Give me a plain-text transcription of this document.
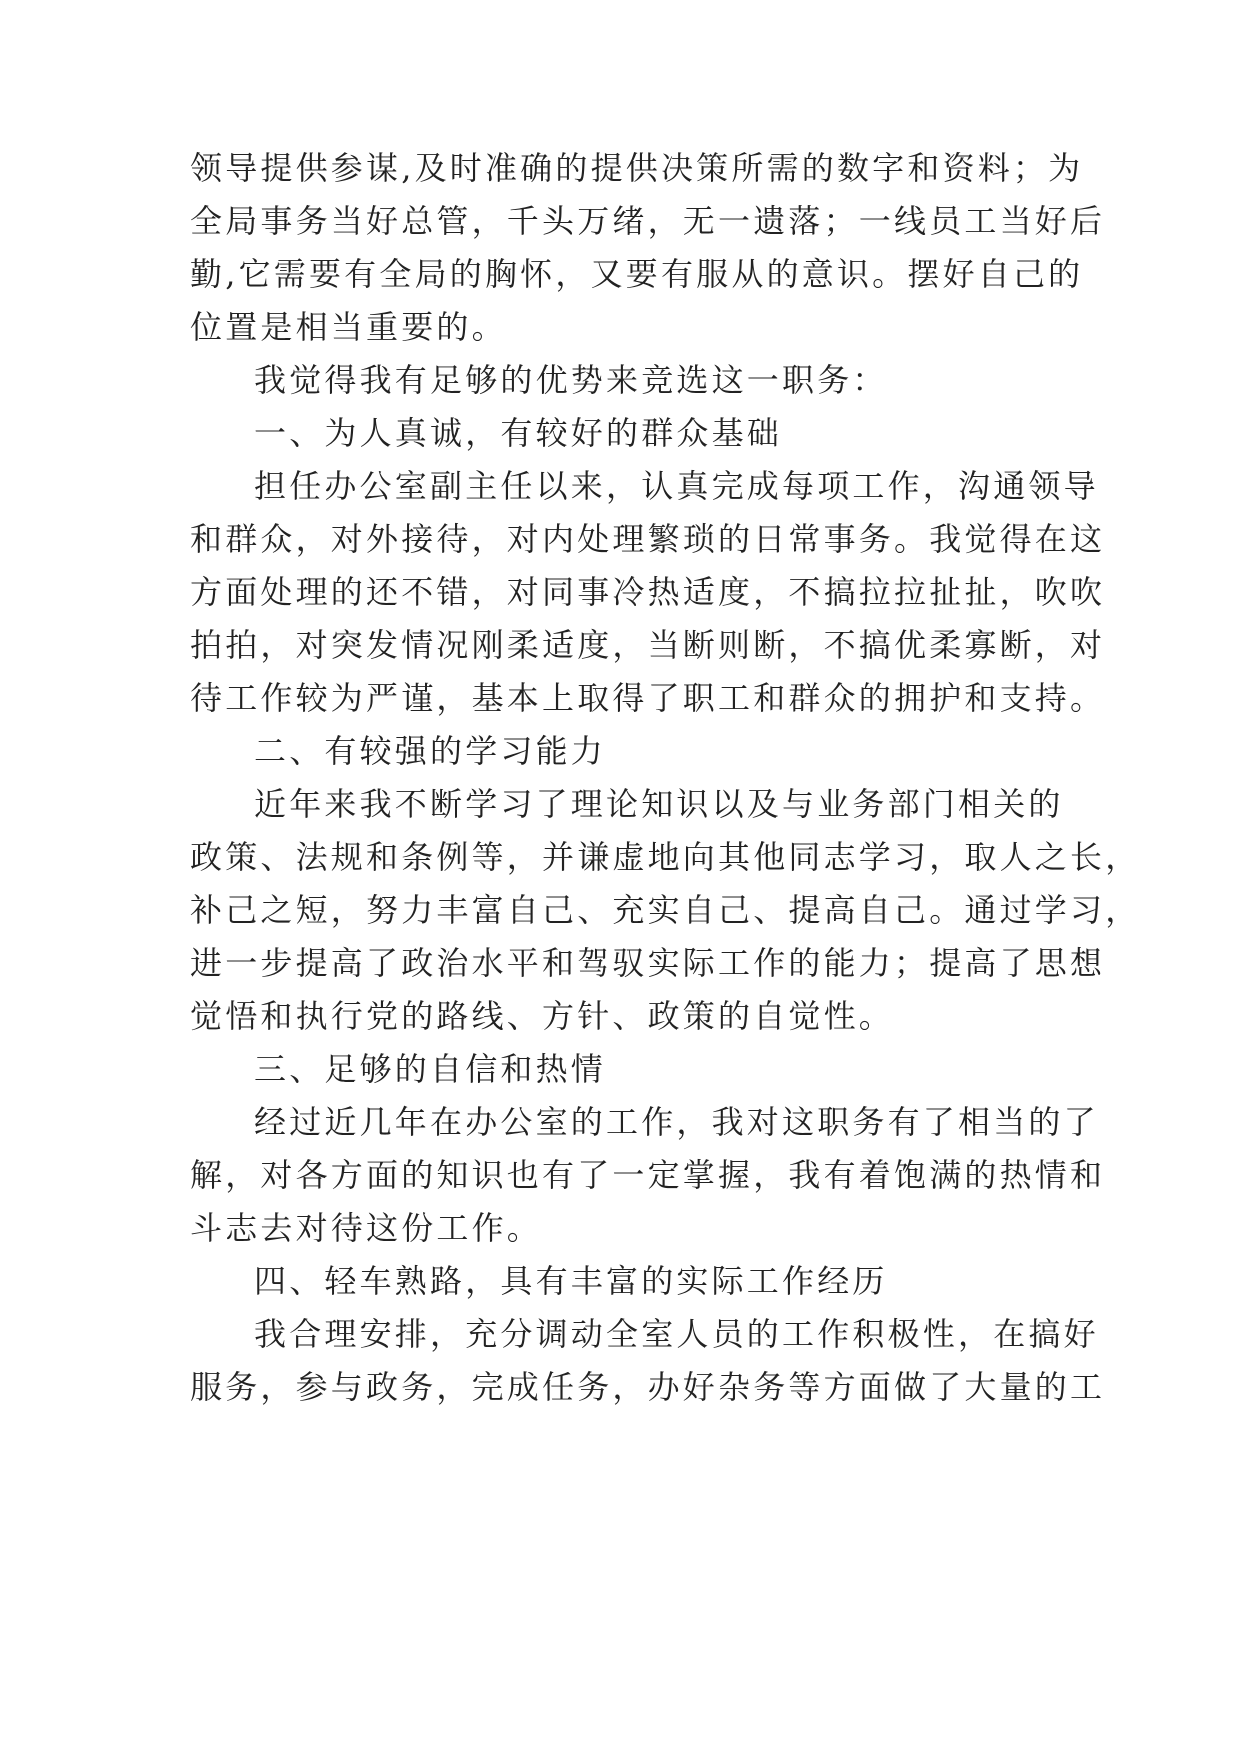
领导提供参谋,及时准确的提供决策所需的数字和资料；为
全局事务当好总管，千头万绪，无一遗落；一线员工当好后
勤,它需要有全局的胸怀，又要有服从的意识。摆好自己的
位置是相当重要的。
我觉得我有足够的优势来竞选这一职务：
一、为人真诚，有较好的群众基础
担任办公室副主任以来，认真完成每项工作，沟通领导
和群众，对外接待，对内处理繁琐的日常事务。我觉得在这
方面处理的还不错，对同事冷热适度，不搞拉拉扯扯，吹吹
拍拍，对突发情况刚柔适度，当断则断，不搞优柔寡断，对
待工作较为严谨，基本上取得了职工和群众的拥护和支持。
二、有较强的学习能力
近年来我不断学习了理论知识以及与业务部门相关的
政策、法规和条例等，并谦虚地向其他同志学习，取人之长，
补己之短，努力丰富自己、充实自己、提高自己。通过学习，
进一步提高了政治水平和驾驭实际工作的能力；提高了思想
觉悟和执行党的路线、方针、政策的自觉性。
三、足够的自信和热情
经过近几年在办公室的工作，我对这职务有了相当的了
解，对各方面的知识也有了一定掌握，我有着饱满的热情和
斗志去对待这份工作。
四、轻车熟路，具有丰富的实际工作经历
我合理安排，充分调动全室人员的工作积极性，在搞好
服务，参与政务，完成任务，办好杂务等方面做了大量的工
